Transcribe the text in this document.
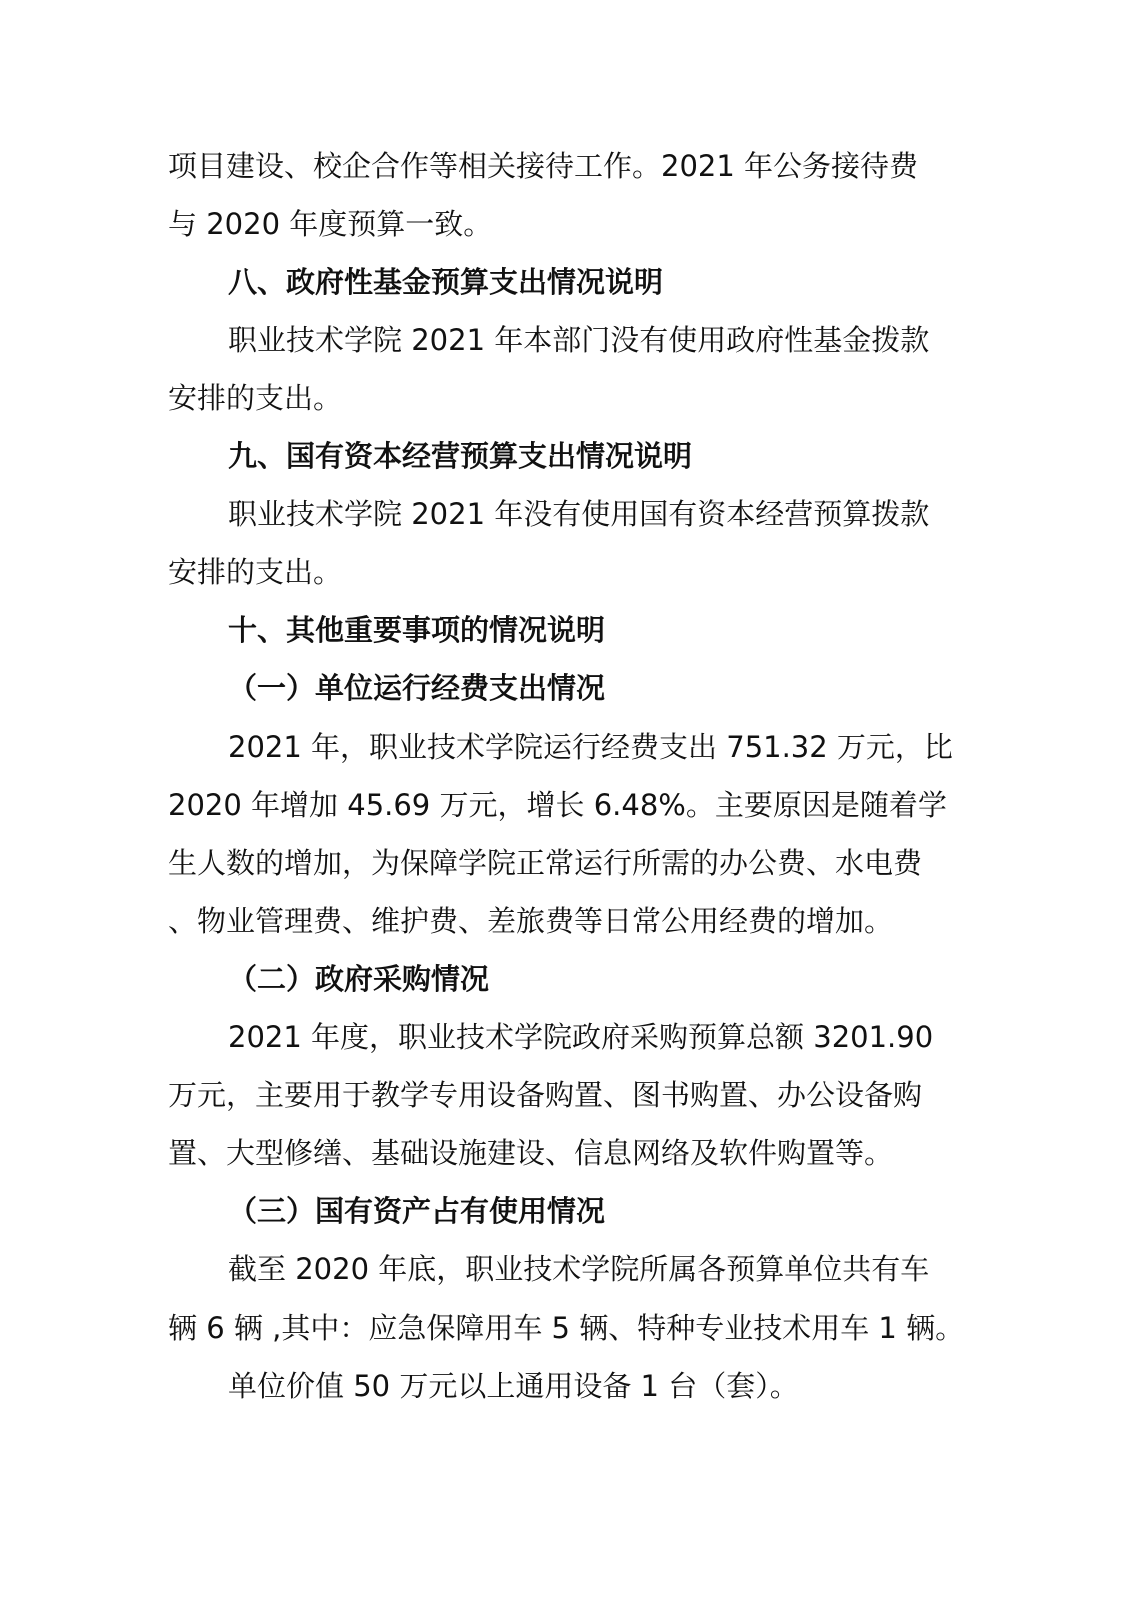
项目建设、校企合作等相关接待工作。2021 年公务接待费
与 2020 年度预算一致。
八、政府性基金预算支出情况说明
职业技术学院 2021 年本部门没有使用政府性基金拨款
安排的支出。
九、国有资本经营预算支出情况说明
职业技术学院 2021 年没有使用国有资本经营预算拨款
安排的支出。
十、其他重要事项的情况说明
（一）单位运行经费支出情况
2021 年，职业技术学院运行经费支出 751.32 万元，比
2020 年增加 45.69 万元，增长 6.48%。主要原因是随着学
生人数的增加，为保障学院正常运行所需的办公费、水电费
、物业管理费、维护费、差旅费等日常公用经费的增加。
（二）政府采购情况
2021 年度，职业技术学院政府采购预算总额 3201.90
万元，主要用于教学专用设备购置、图书购置、办公设备购
置、大型修缮、基础设施建设、信息网络及软件购置等。
（三）国有资产占有使用情况
截至 2020 年底，职业技术学院所属各预算单位共有车
辆 6 辆 ,其中：应急保障用车 5 辆、特种专业技术用车 1 辆。
单位价值 50 万元以上通用设备 1 台（套）。
